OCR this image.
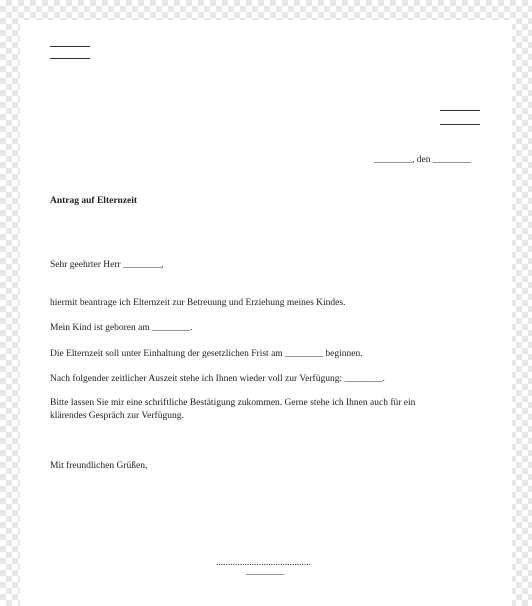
________, den ________
Antrag auf Elternzeit
Sehr geehrter Herr ________,
hiermit beantrage ich Elternzeit zur Betreuung und Erziehung meines Kindes.
Mein Kind ist geboren am ________.
Die Elternzeit soll unter Einhaltung der gesetzlichen Frist am ________ beginnen.
Nach folgender zeitlicher Auszeit stehe ich Ihnen wieder voll zur Verfügung: ________.
Bitte lassen Sie mir eine schriftliche Bestätigung zukommen. Gerne stehe ich Ihnen auch für ein
klärendes Gespräch zur Verfügung.
Mit freundlichen Grüßen,
........................................
________
